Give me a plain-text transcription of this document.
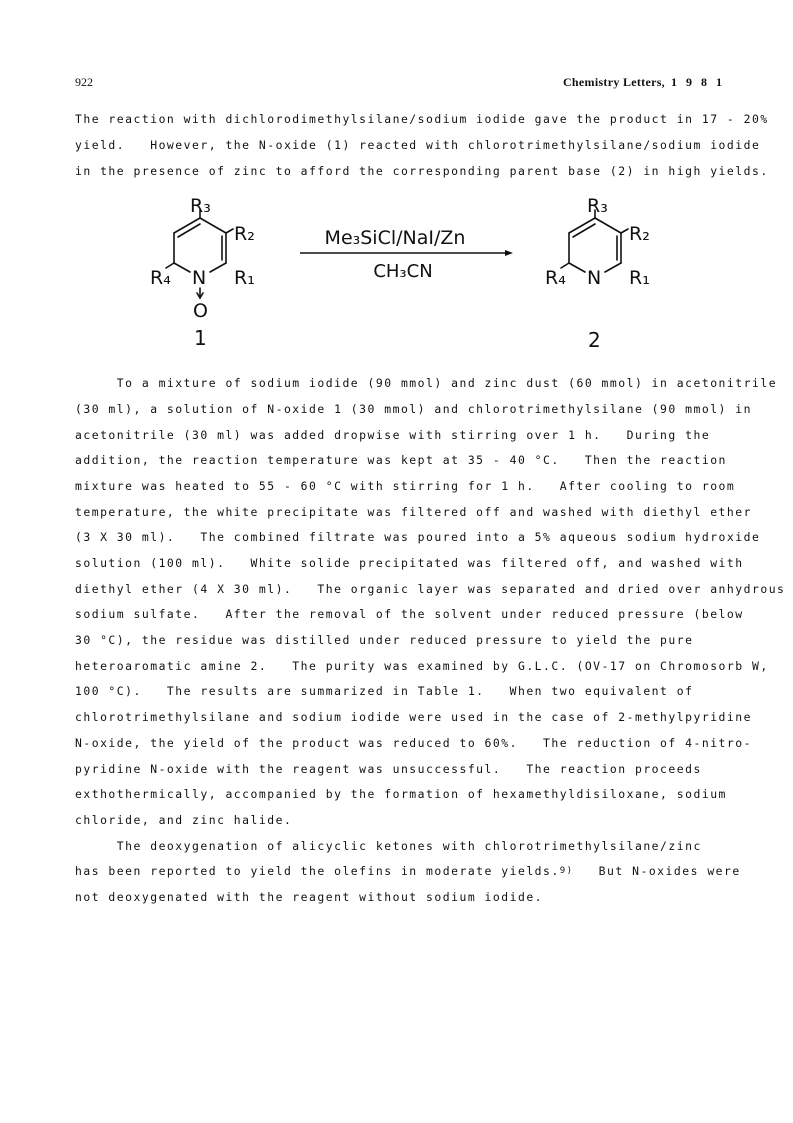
922	Chemistry Letters, 1 9 8 1
The reaction with dichlorodimethylsilane/sodium iodide gave the product in 17 - 20%
yield.   However, the N-oxide (1) reacted with chlorotrimethylsilane/sodium iodide
in the presence of zinc to afford the corresponding parent base (2) in high yields.
R₃
R₂
N
R₄	R₁
O
1
Me₃SiCl/NaI/Zn
CH₃CN
R₃
R₂
N
R₄	R₁
2
To a mixture of sodium iodide (90 mmol) and zinc dust (60 mmol) in acetonitrile
(30 ml), a solution of N-oxide 1 (30 mmol) and chlorotrimethylsilane (90 mmol) in
acetonitrile (30 ml) was added dropwise with stirring over 1 h.   During the
addition, the reaction temperature was kept at 35 - 40 °C.   Then the reaction
mixture was heated to 55 - 60 °C with stirring for 1 h.   After cooling to room
temperature, the white precipitate was filtered off and washed with diethyl ether
(3 X 30 ml).   The combined filtrate was poured into a 5% aqueous sodium hydroxide
solution (100 ml).   White solide precipitated was filtered off, and washed with
diethyl ether (4 X 30 ml).   The organic layer was separated and dried over anhydrous
sodium sulfate.   After the removal of the solvent under reduced pressure (below
30 °C), the residue was distilled under reduced pressure to yield the pure
heteroaromatic amine 2.   The purity was examined by G.L.C. (OV-17 on Chromosorb W,
100 °C).   The results are summarized in Table 1.   When two equivalent of
chlorotrimethylsilane and sodium iodide were used in the case of 2-methylpyridine
N-oxide, the yield of the product was reduced to 60%.   The reduction of 4-nitro-
pyridine N-oxide with the reagent was unsuccessful.   The reaction proceeds
exthothermically, accompanied by the formation of hexamethyldisiloxane, sodium
chloride, and zinc halide.
The deoxygenation of alicyclic ketones with chlorotrimethylsilane/zinc
has been reported to yield the olefins in moderate yields.$^{9)}$   But N-oxides were
not deoxygenated with the reagent without sodium iodide.
